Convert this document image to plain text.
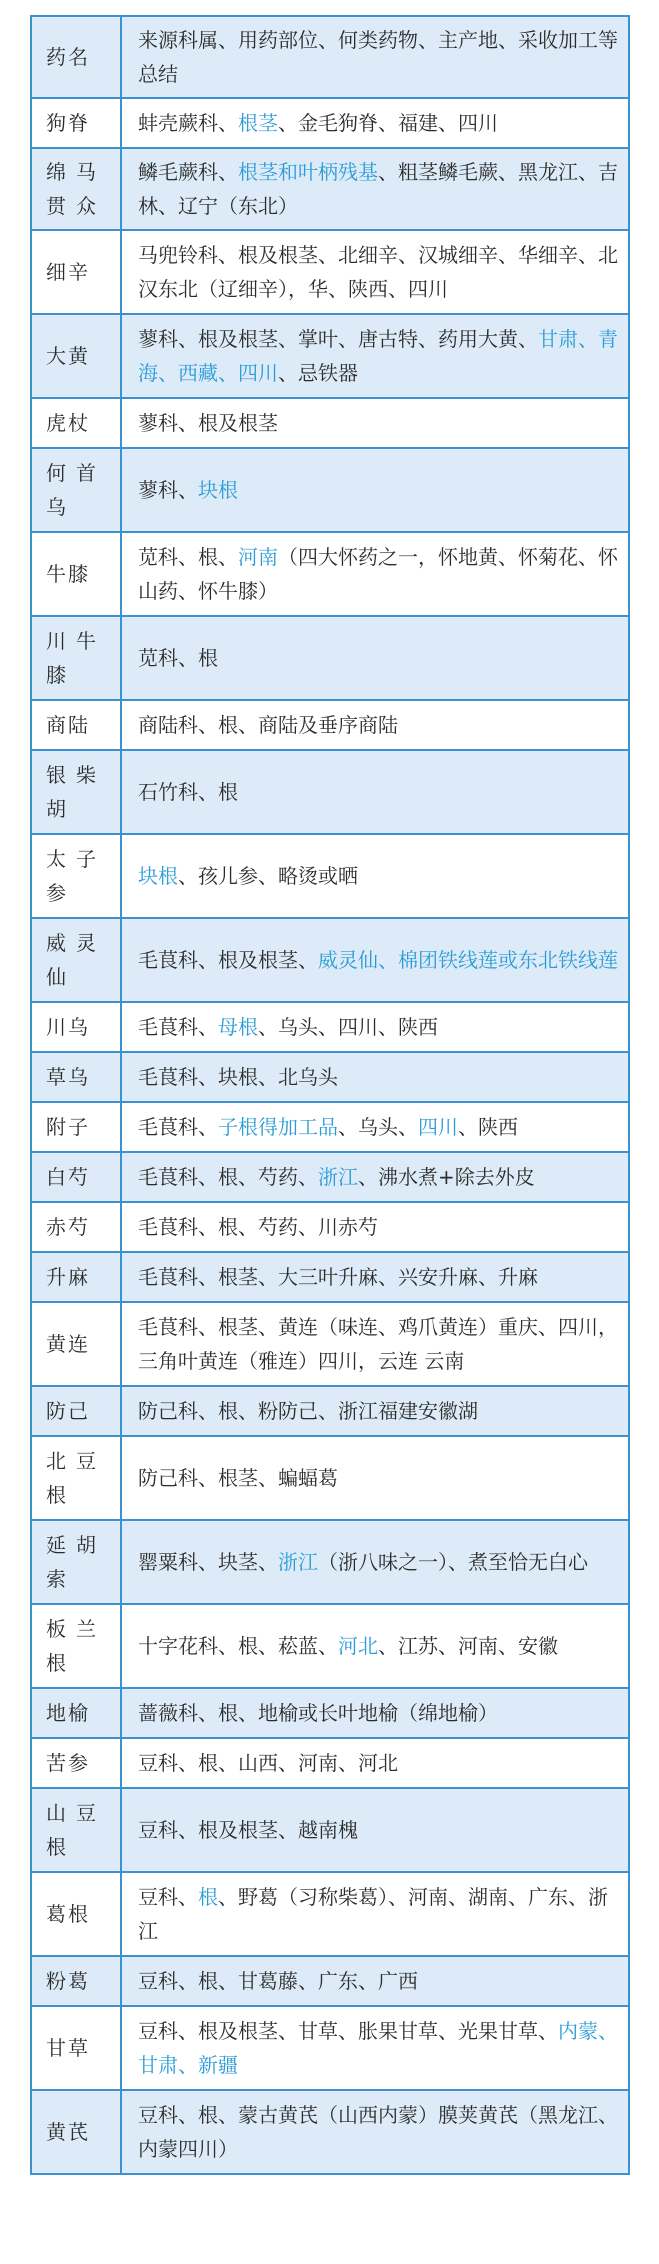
药名	来源科属、用药部位、何类药物、主产地、采收加工等总结
狗脊	蚌壳蕨科、根茎、金毛狗脊、福建、四川
绵马贯众	鳞毛蕨科、根茎和叶柄残基、粗茎鳞毛蕨、黑龙江、吉林、辽宁（东北）
细辛	马兜铃科、根及根茎、北细辛、汉城细辛、华细辛、北汉东北（辽细辛），华、陕西、四川
大黄	蓼科、根及根茎、掌叶、唐古特、药用大黄、甘肃、青海、西藏、四川、忌铁器
虎杖	蓼科、根及根茎
何首乌	蓼科、块根
牛膝	苋科、根、河南（四大怀药之一，怀地黄、怀菊花、怀山药、怀牛膝）
川牛膝	苋科、根
商陆	商陆科、根、商陆及垂序商陆
银柴胡	石竹科、根
太子参	块根、孩儿参、略烫或晒
威灵仙	毛茛科、根及根茎、威灵仙、棉团铁线莲或东北铁线莲
川乌	毛茛科、母根、乌头、四川、陕西
草乌	毛茛科、块根、北乌头
附子	毛茛科、子根得加工品、乌头、四川、陕西
白芍	毛茛科、根、芍药、浙江、沸水煮+除去外皮
赤芍	毛茛科、根、芍药、川赤芍
升麻	毛茛科、根茎、大三叶升麻、兴安升麻、升麻
黄连	毛茛科、根茎、黄连（味连、鸡爪黄连）重庆、四川，三角叶黄连（雅连）四川，云连 云南
防己	防己科、根、粉防己、浙江福建安徽湖
北豆根	防己科、根茎、蝙蝠葛
延胡索	罂粟科、块茎、浙江（浙八味之一）、煮至恰无白心
板兰根	十字花科、根、菘蓝、河北、江苏、河南、安徽
地榆	蔷薇科、根、地榆或长叶地榆（绵地榆）
苦参	豆科、根、山西、河南、河北
山豆根	豆科、根及根茎、越南槐
葛根	豆科、根、野葛（习称柴葛）、河南、湖南、广东、浙江
粉葛	豆科、根、甘葛藤、广东、广西
甘草	豆科、根及根茎、甘草、胀果甘草、光果甘草、内蒙、甘肃、新疆
黄芪	豆科、根、蒙古黄芪（山西内蒙）膜荚黄芪（黑龙江、内蒙四川）
